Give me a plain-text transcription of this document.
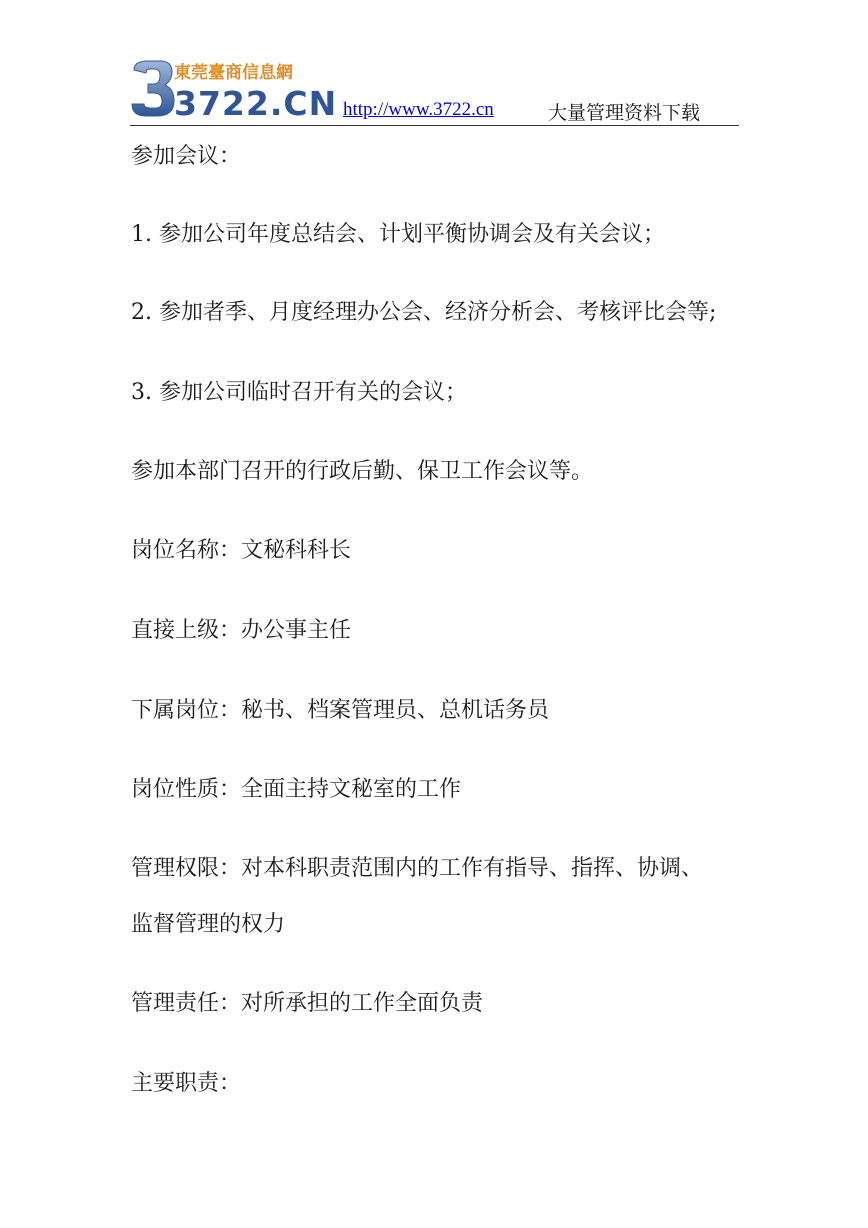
東莞臺商信息網
3722.CN http://www.3722.cn	大量管理资料下载
参加会议：
1. 参加公司年度总结会、计划平衡协调会及有关会议；
2. 参加者季、月度经理办公会、经济分析会、考核评比会等;
3. 参加公司临时召开有关的会议；
参加本部门召开的行政后勤、保卫工作会议等。
岗位名称：文秘科科长
直接上级：办公事主任
下属岗位：秘书、档案管理员、总机话务员
岗位性质：全面主持文秘室的工作
管理权限：对本科职责范围内的工作有指导、指挥、协调、
监督管理的权力
管理责任：对所承担的工作全面负责
主要职责：
